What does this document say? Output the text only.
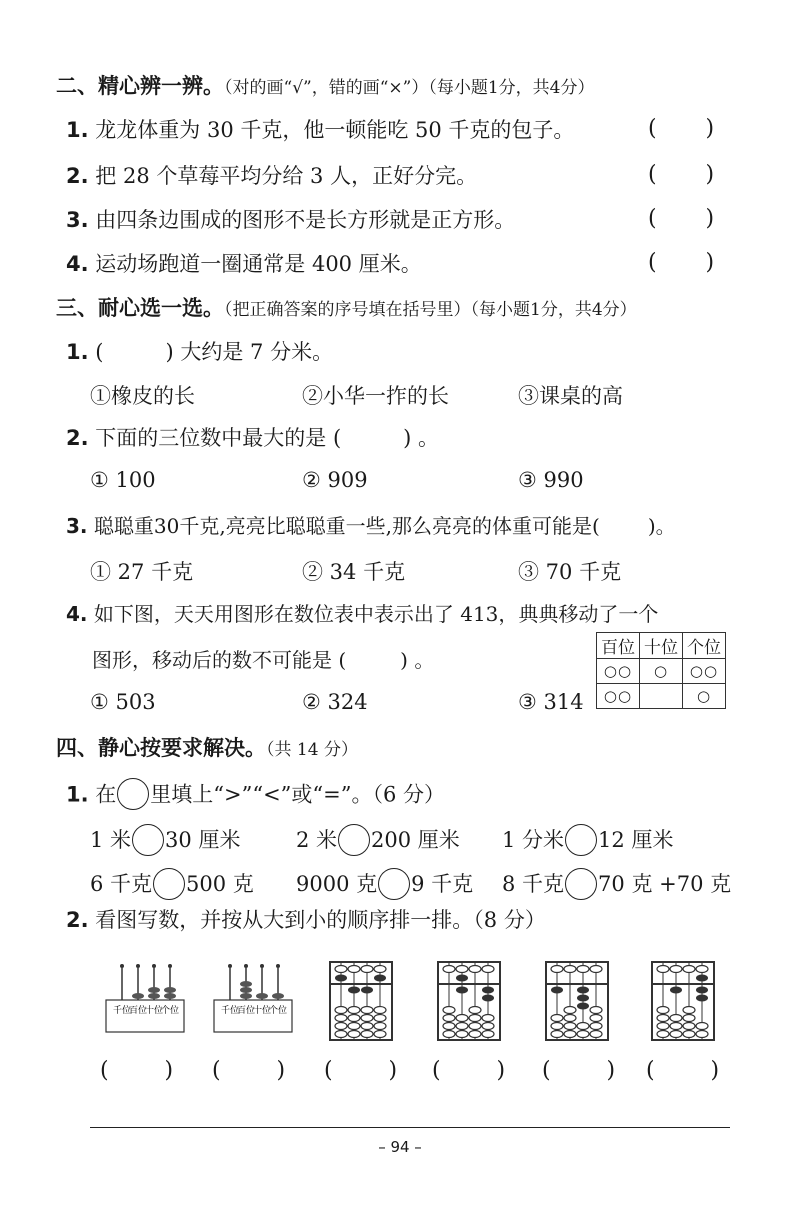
二、精心辨一辨。（对的画“√”，错的画“×”）（每小题1分，共4分）
1. 龙龙体重为 30 千克，他一顿能吃 50 千克的包子。	(       )
2. 把 28 个草莓平均分给 3 人，正好分完。	(       )
3. 由四条边围成的图形不是长方形就是正方形。	(       )
4. 运动场跑道一圈通常是 400 厘米。	(       )
三、耐心选一选。（把正确答案的序号填在括号里）（每小题1分，共4分）
1. (	) 大约是 7 分米。
①橡皮的长	②小华一拃的长	③课桌的高
2. 下面的三位数中最大的是 (	) 。
① 100	② 909	③ 990
3. 聪聪重30千克,亮亮比聪聪重一些,那么亮亮的体重可能是( )。
① 27 千克	② 34 千克	③ 70 千克
4. 如下图，天天用图形在数位表中表示出了 413，典典移动了一个
图形，移动后的数不可能是 (	) 。	百位	十位	个位
○○	○	○○
○○		○
① 503	② 324	③ 314
四、静心按要求解决。（共 14 分）
1. 在 里填上“>”“<”或“=”。（6 分）
1 米 30 厘米	2 米 200 厘米 1 分米 12 厘米
6 千克 500 克 9000 克 9 千克 8 千克 70 克 +70 克
2. 看图写数，并按从大到小的顺序排一排。（8 分）
千位
百位
十位
个位	千位
百位
十位
个位
(        ) (        ) (        ) (        ) (        ) (        )
– 94 –
